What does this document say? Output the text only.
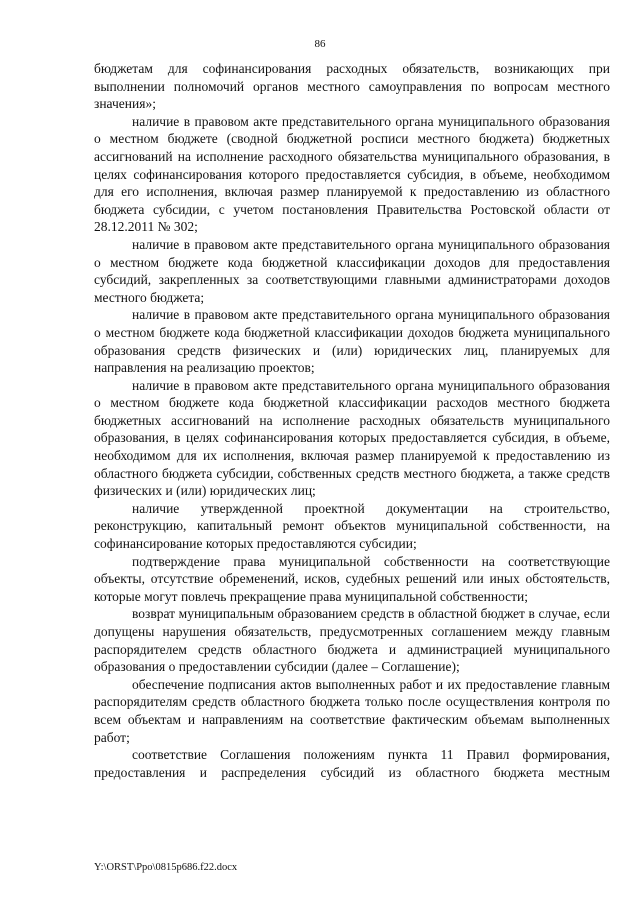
86

бюджетам для софинансирования расходных обязательств, возникающих при выполнении полномочий органов местного самоуправления по вопросам местного значения»;

наличие в правовом акте представительного органа муниципального образования о местном бюджете (сводной бюджетной росписи местного бюджета) бюджетных ассигнований на исполнение расходного обязательства муниципального образования, в целях софинансирования которого предоставляется субсидия, в объеме, необходимом для его исполнения, включая размер планируемой к предоставлению из областного бюджета субсидии, с учетом постановления Правительства Ростовской области от 28.12.2011 № 302;

наличие в правовом акте представительного органа муниципального образования о местном бюджете кода бюджетной классификации доходов для предоставления субсидий, закрепленных за соответствующими главными администраторами доходов местного бюджета;

наличие в правовом акте представительного органа муниципального образования о местном бюджете кода бюджетной классификации доходов бюджета муниципального образования средств физических и (или) юридических лиц, планируемых для направления на реализацию проектов;

наличие в правовом акте представительного органа муниципального образования о местном бюджете кода бюджетной классификации расходов местного бюджета бюджетных ассигнований на исполнение расходных обязательств муниципального образования, в целях софинансирования которых предоставляется субсидия, в объеме, необходимом для их исполнения, включая размер планируемой к предоставлению из областного бюджета субсидии, собственных средств местного бюджета, а также средств физических и (или) юридических лиц;

наличие утвержденной проектной документации на строительство, реконструкцию, капитальный ремонт объектов муниципальной собственности, на софинансирование которых предоставляются субсидии;

подтверждение права муниципальной собственности на соответствующие объекты, отсутствие обременений, исков, судебных решений или иных обстоятельств, которые могут повлечь прекращение права муниципальной собственности;

возврат муниципальным образованием средств в областной бюджет в случае, если допущены нарушения обязательств, предусмотренных соглашением между главным распорядителем средств областного бюджета и администрацией муниципального образования о предоставлении субсидии (далее – Соглашение);

обеспечение подписания актов выполненных работ и их предоставление главным распорядителям средств областного бюджета только после осуществления контроля по всем объектам и направлениям на соответствие фактическим объемам выполненных работ;

соответствие Соглашения положениям пункта 11 Правил формирования, предоставления и распределения субсидий из областного бюджета местным

Y:\ORST\Ppo\0815p686.f22.docx
